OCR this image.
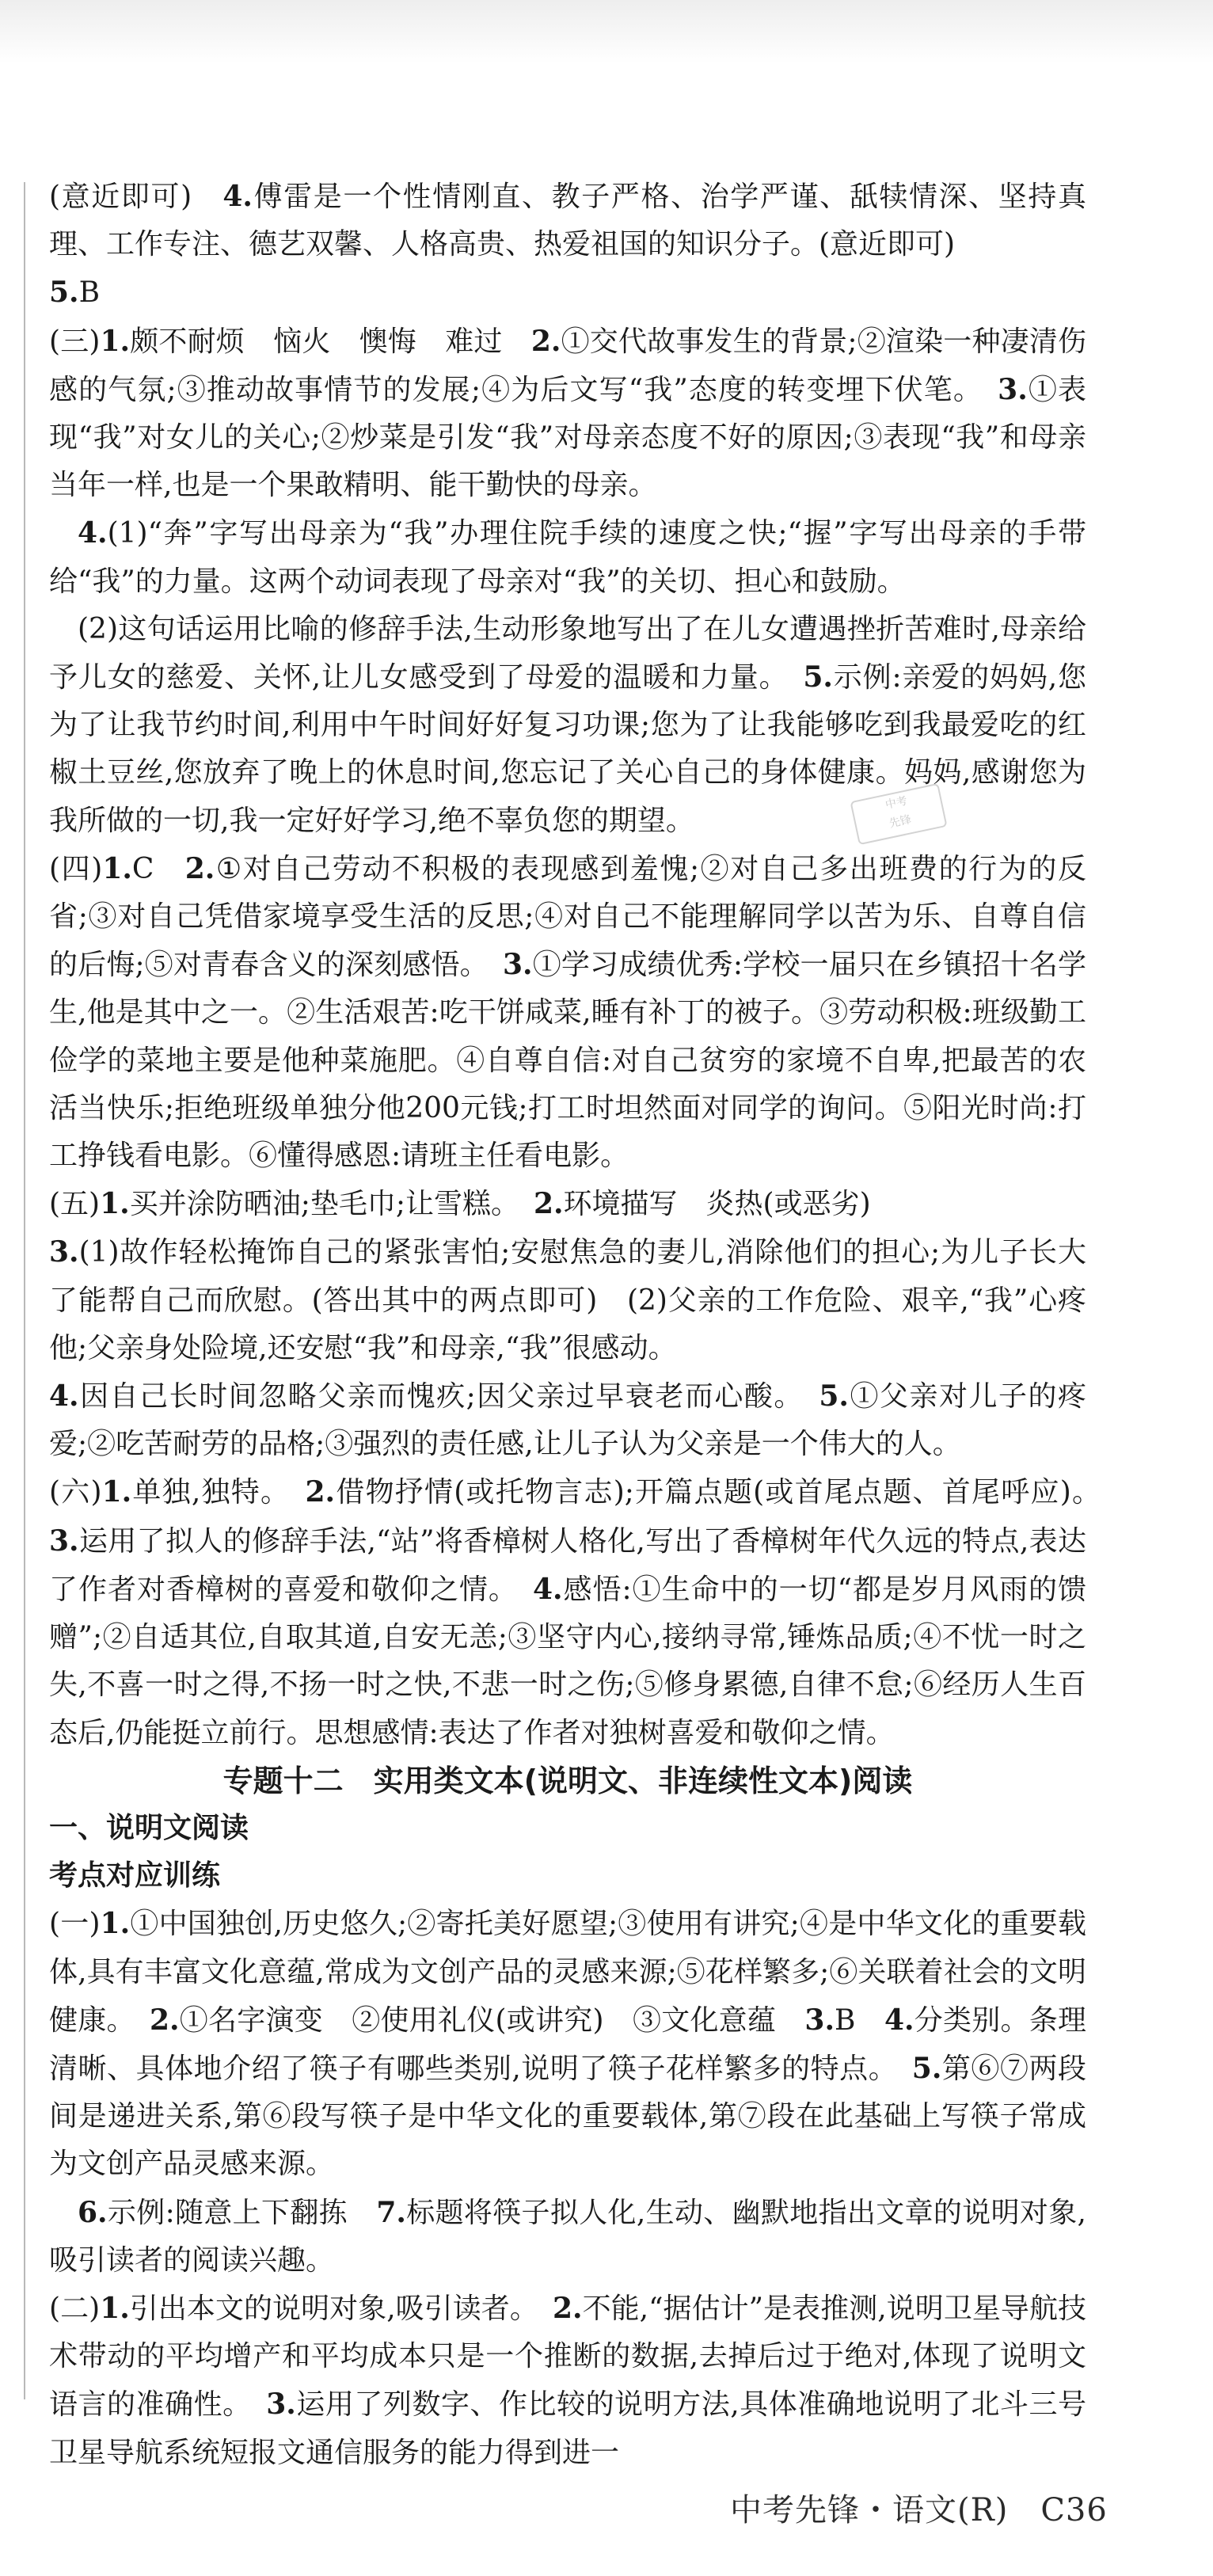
中考
先锋

(意近即可)　4.傅雷是一个性情刚直、教子严格、治学严谨、舐犊情深、坚持真理、工作专注、德艺双馨、人格高贵、热爱祖国的知识分子。(意近即可)

5.B

(三)1.颇不耐烦　恼火　懊悔　难过　2.①交代故事发生的背景;②渲染一种凄清伤感的气氛;③推动故事情节的发展;④为后文写“我”态度的转变埋下伏笔。　3.①表现“我”对女儿的关心;②炒菜是引发“我”对母亲态度不好的原因;③表现“我”和母亲当年一样,也是一个果敢精明、能干勤快的母亲。

4.(1)“奔”字写出母亲为“我”办理住院手续的速度之快;“握”字写出母亲的手带给“我”的力量。这两个动词表现了母亲对“我”的关切、担心和鼓励。

(2)这句话运用比喻的修辞手法,生动形象地写出了在儿女遭遇挫折苦难时,母亲给予儿女的慈爱、关怀,让儿女感受到了母爱的温暖和力量。　5.示例:亲爱的妈妈,您为了让我节约时间,利用中午时间好好复习功课;您为了让我能够吃到我最爱吃的红椒土豆丝,您放弃了晚上的休息时间,您忘记了关心自己的身体健康。妈妈,感谢您为我所做的一切,我一定好好学习,绝不辜负您的期望。

(四)1.C　2.①对自己劳动不积极的表现感到羞愧;②对自己多出班费的行为的反省;③对自己凭借家境享受生活的反思;④对自己不能理解同学以苦为乐、自尊自信的后悔;⑤对青春含义的深刻感悟。　3.①学习成绩优秀:学校一届只在乡镇招十名学生,他是其中之一。②生活艰苦:吃干饼咸菜,睡有补丁的被子。③劳动积极:班级勤工俭学的菜地主要是他种菜施肥。④自尊自信:对自己贫穷的家境不自卑,把最苦的农活当快乐;拒绝班级单独分他200元钱;打工时坦然面对同学的询问。⑤阳光时尚:打工挣钱看电影。⑥懂得感恩:请班主任看电影。

(五)1.买并涂防晒油;垫毛巾;让雪糕。　2.环境描写　炎热(或恶劣)

3.(1)故作轻松掩饰自己的紧张害怕;安慰焦急的妻儿,消除他们的担心;为儿子长大了能帮自己而欣慰。(答出其中的两点即可)　(2)父亲的工作危险、艰辛,“我”心疼他;父亲身处险境,还安慰“我”和母亲,“我”很感动。

4.因自己长时间忽略父亲而愧疚;因父亲过早衰老而心酸。　5.①父亲对儿子的疼爱;②吃苦耐劳的品格;③强烈的责任感,让儿子认为父亲是一个伟大的人。

(六)1.单独,独特。　2.借物抒情(或托物言志);开篇点题(或首尾点题、首尾呼应)。　3.运用了拟人的修辞手法,“站”将香樟树人格化,写出了香樟树年代久远的特点,表达了作者对香樟树的喜爱和敬仰之情。　4.感悟:①生命中的一切“都是岁月风雨的馈赠”;②自适其位,自取其道,自安无恙;③坚守内心,接纳寻常,锤炼品质;④不忧一时之失,不喜一时之得,不扬一时之快,不悲一时之伤;⑤修身累德,自律不怠;⑥经历人生百态后,仍能挺立前行。思想感情:表达了作者对独树喜爱和敬仰之情。

专题十二　实用类文本(说明文、非连续性文本)阅读

一、说明文阅读

考点对应训练

(一)1.①中国独创,历史悠久;②寄托美好愿望;③使用有讲究;④是中华文化的重要载体,具有丰富文化意蕴,常成为文创产品的灵感来源;⑤花样繁多;⑥关联着社会的文明健康。　2.①名字演变　②使用礼仪(或讲究)　③文化意蕴　3.B　4.分类别。条理清晰、具体地介绍了筷子有哪些类别,说明了筷子花样繁多的特点。　5.第⑥⑦两段间是递进关系,第⑥段写筷子是中华文化的重要载体,第⑦段在此基础上写筷子常成为文创产品灵感来源。

6.示例:随意上下翻拣　7.标题将筷子拟人化,生动、幽默地指出文章的说明对象,吸引读者的阅读兴趣。

(二)1.引出本文的说明对象,吸引读者。　2.不能,“据估计”是表推测,说明卫星导航技术带动的平均增产和平均成本只是一个推断的数据,去掉后过于绝对,体现了说明文语言的准确性。　3.运用了列数字、作比较的说明方法,具体准确地说明了北斗三号卫星导航系统短报文通信服务的能力得到进一

中考先锋・语文(R)　C36
